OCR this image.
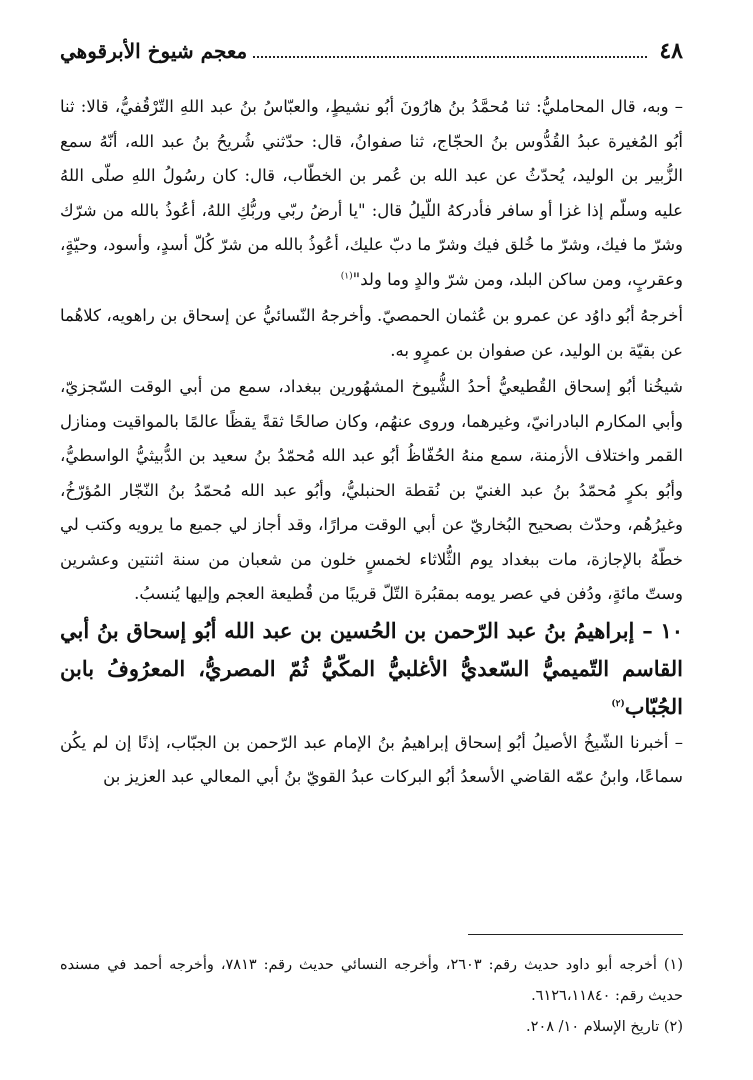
٤٨
معجم شيوخ الأبرقوهي

– وبه، قال المحامليُّ: ثنا مُحمَّدُ بنُ هارُونَ أبُو نشيطٍ، والعبّاسُ بنُ عبد اللهِ التّرْقُفيُّ، قالا: ثنا أبُو المُغيرة عبدُ القُدُّوس بنُ الحجّاج، ثنا صفوانُ، قال: حدّثني شُريحُ بنُ عبد الله، أنّهُ سمع الزُّبير بن الوليد، يُحدّثُ عن عبد الله بن عُمر بن الخطّاب، قال: كان رسُولُ اللهِ صلّى اللهُ عليه وسلّم إذا غزا أو سافر فأدركهُ اللّيلُ قال: "يا أرضُ ربّي وربُّكِ اللهُ، أعُوذُ بالله من شرّك وشرّ ما فيك، وشرّ ما خُلق فيك وشرّ ما دبّ عليك، أعُوذُ بالله من شرّ كُلّ أسدٍ، وأسود، وحيّةٍ، وعقربٍ، ومن ساكن البلد، ومن شرّ والدٍ وما ولد"$^{(١)}$

أخرجهُ أبُو داوُد عن عمرو بن عُثمان الحمصيّ. وأخرجهُ النّسائيُّ عن إسحاق بن راهويه، كلاهُما عن بقيّة بن الوليد، عن صفوان بن عمرٍو به.

شيخُنا أبُو إسحاق القُطيعيُّ أحدُ الشُّيوخ المشهُورين ببغداد، سمع من أبي الوقت السّجزيّ، وأبي المكارم البادرانيّ، وغيرهما، وروى عنهُم، وكان صالحًا ثقةً يقظًا عالمًا بالمواقيت ومنازل القمر واختلاف الأزمنة، سمع منهُ الحُفّاظُ أبُو عبد الله مُحمّدُ بنُ سعيد بن الدُّبيثيُّ الواسطيُّ، وأبُو بكرٍ مُحمّدُ بنُ عبد الغنيّ بن نُقطة الحنبليُّ، وأبُو عبد الله مُحمّدُ بنُ النّجّار المُؤرّخُ، وغيرُهُم، وحدّث بصحيح البُخاريّ عن أبي الوقت مرارًا، وقد أجاز لي جميع ما يرويه وكتب لي خطّهُ بالإجازة، مات ببغداد يوم الثُّلاثاء لخمسٍ خلون من شعبان من سنة اثنتين وعشرين وستّ مائةٍ، ودُفن في عصر يومه بمقبُرة التّلّ قريبًا من قُطيعة العجم وإليها يُنسبُ.

١٠ – إبراهيمُ بنُ عبد الرّحمن بن الحُسين بن عبد الله أبُو إسحاق بنُ أبي القاسم التّميميُّ السّعديُّ الأغلبيُّ المكّيُّ ثُمّ المصريُّ، المعرُوفُ بابن الجُبّاب$^{(٢)}$

– أخبرنا الشّيخُ الأصيلُ أبُو إسحاق إبراهيمُ بنُ الإمام عبد الرّحمن بن الجبّاب، إذنًا إن لم يكُن سماعًا، وابنُ عمّه القاضي الأسعدُ أبُو البركات عبدُ القويّ بنُ أبي المعالي عبد العزيز بن

(١) أخرجه أبو داود حديث رقم: ٢٦٠٣، وأخرجه النسائي حديث رقم: ٧٨١٣، وأخرجه أحمد في مسنده حديث رقم: ٦١٢٦،١١٨٤٠.

(٢) تاريخ الإسلام ١٠/ ٢٠٨.
